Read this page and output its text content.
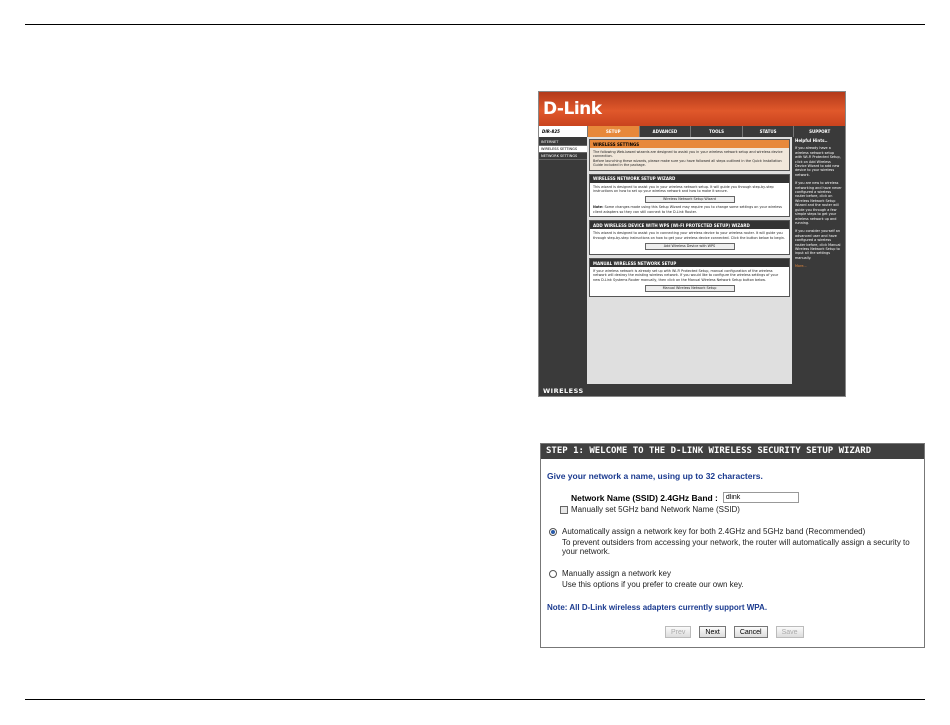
D-Link
DIR-825	SETUP	ADVANCED	TOOLS	STATUS	SUPPORT
INTERNET
WIRELESS SETTINGS
NETWORK SETTINGS
WIRELESS SETTINGS

The following Web-based wizards are designed to assist you in your wireless network setup and wireless device connection.

Before launching these wizards, please make sure you have followed all steps outlined in the Quick Installation Guide included in the package.

WIRELESS NETWORK SETUP WIZARD

This wizard is designed to assist you in your wireless network setup. It will guide you through step-by-step instructions on how to set up your wireless network and how to make it secure.

Wireless Network Setup Wizard

Note: Some changes made using this Setup Wizard may require you to change some settings on your wireless client adapters so they can still connect to the D-Link Router.

ADD WIRELESS DEVICE WITH WPS (WI-FI PROTECTED SETUP) WIZARD

This wizard is designed to assist you in connecting your wireless device to your wireless router. It will guide you through step-by-step instructions on how to get your wireless device connected. Click the button below to begin.

Add Wireless Device with WPS
MANUAL WIRELESS NETWORK SETUP

If your wireless network is already set up with Wi-Fi Protected Setup, manual configuration of the wireless network will destroy the existing wireless network. If you would like to configure the wireless settings of your new D-Link Systems Router manually, then click on the Manual Wireless Network Setup button below.

Manual Wireless Network Setup
Helpful Hints..

If you already have a wireless network setup with Wi-Fi Protected Setup, click on Add Wireless Device Wizard to add new device to your wireless network.

If you are new to wireless networking and have never configured a wireless router before, click on Wireless Network Setup Wizard and the router will guide you through a few simple steps to get your wireless network up and running.

If you consider yourself an advanced user and have configured a wireless router before, click Manual Wireless Network Setup to input all the settings manually.

More...

WIRELESS
STEP 1: WELCOME TO THE D-LINK WIRELESS SECURITY SETUP WIZARD
Give your network a name, using up to 32 characters.
Network Name (SSID) 2.4GHz Band :
dlink
Manually set 5GHz band Network Name (SSID)
Automatically assign a network key for both 2.4GHz and 5GHz band (Recommended)
To prevent outsiders from accessing your network, the router will automatically assign a security to your network.
Manually assign a network key
Use this options if you prefer to create our own key.
Note: All D-Link wireless adapters currently support WPA.
Prev	Next	Cancel	Save
